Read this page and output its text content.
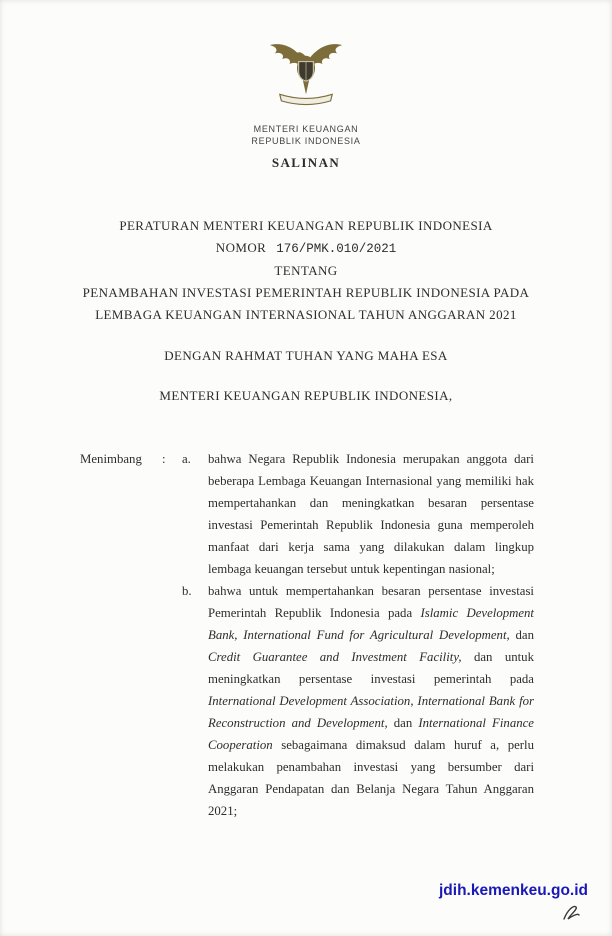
MENTERI KEUANGAN
REPUBLIK INDONESIA
SALINAN
PERATURAN MENTERI KEUANGAN REPUBLIK INDONESIA
NOMOR 176/PMK.010/2021
TENTANG
PENAMBAHAN INVESTASI PEMERINTAH REPUBLIK INDONESIA PADA
LEMBAGA KEUANGAN INTERNASIONAL TAHUN ANGGARAN 2021
DENGAN RAHMAT TUHAN YANG MAHA ESA
MENTERI KEUANGAN REPUBLIK INDONESIA,
Menimbang	:	a.	bahwa Negara Republik Indonesia merupakan anggota dari beberapa Lembaga Keuangan Internasional yang memiliki hak mempertahankan dan meningkatkan besaran persentase investasi Pemerintah Republik Indonesia guna memperoleh manfaat dari kerja sama yang dilakukan dalam lingkup lembaga keuangan tersebut untuk kepentingan nasional;

b.	bahwa untuk mempertahankan besaran persentase investasi Pemerintah Republik Indonesia pada Islamic Development Bank, International Fund for Agricultural Development, dan Credit Guarantee and Investment Facility, dan untuk meningkatkan persentase investasi pemerintah pada International Development Association, International Bank for Reconstruction and Development, dan International Finance Cooperation sebagaimana dimaksud dalam huruf a, perlu melakukan penambahan investasi yang bersumber dari Anggaran Pendapatan dan Belanja Negara Tahun Anggaran 2021;

jdih.kemenkeu.go.id
